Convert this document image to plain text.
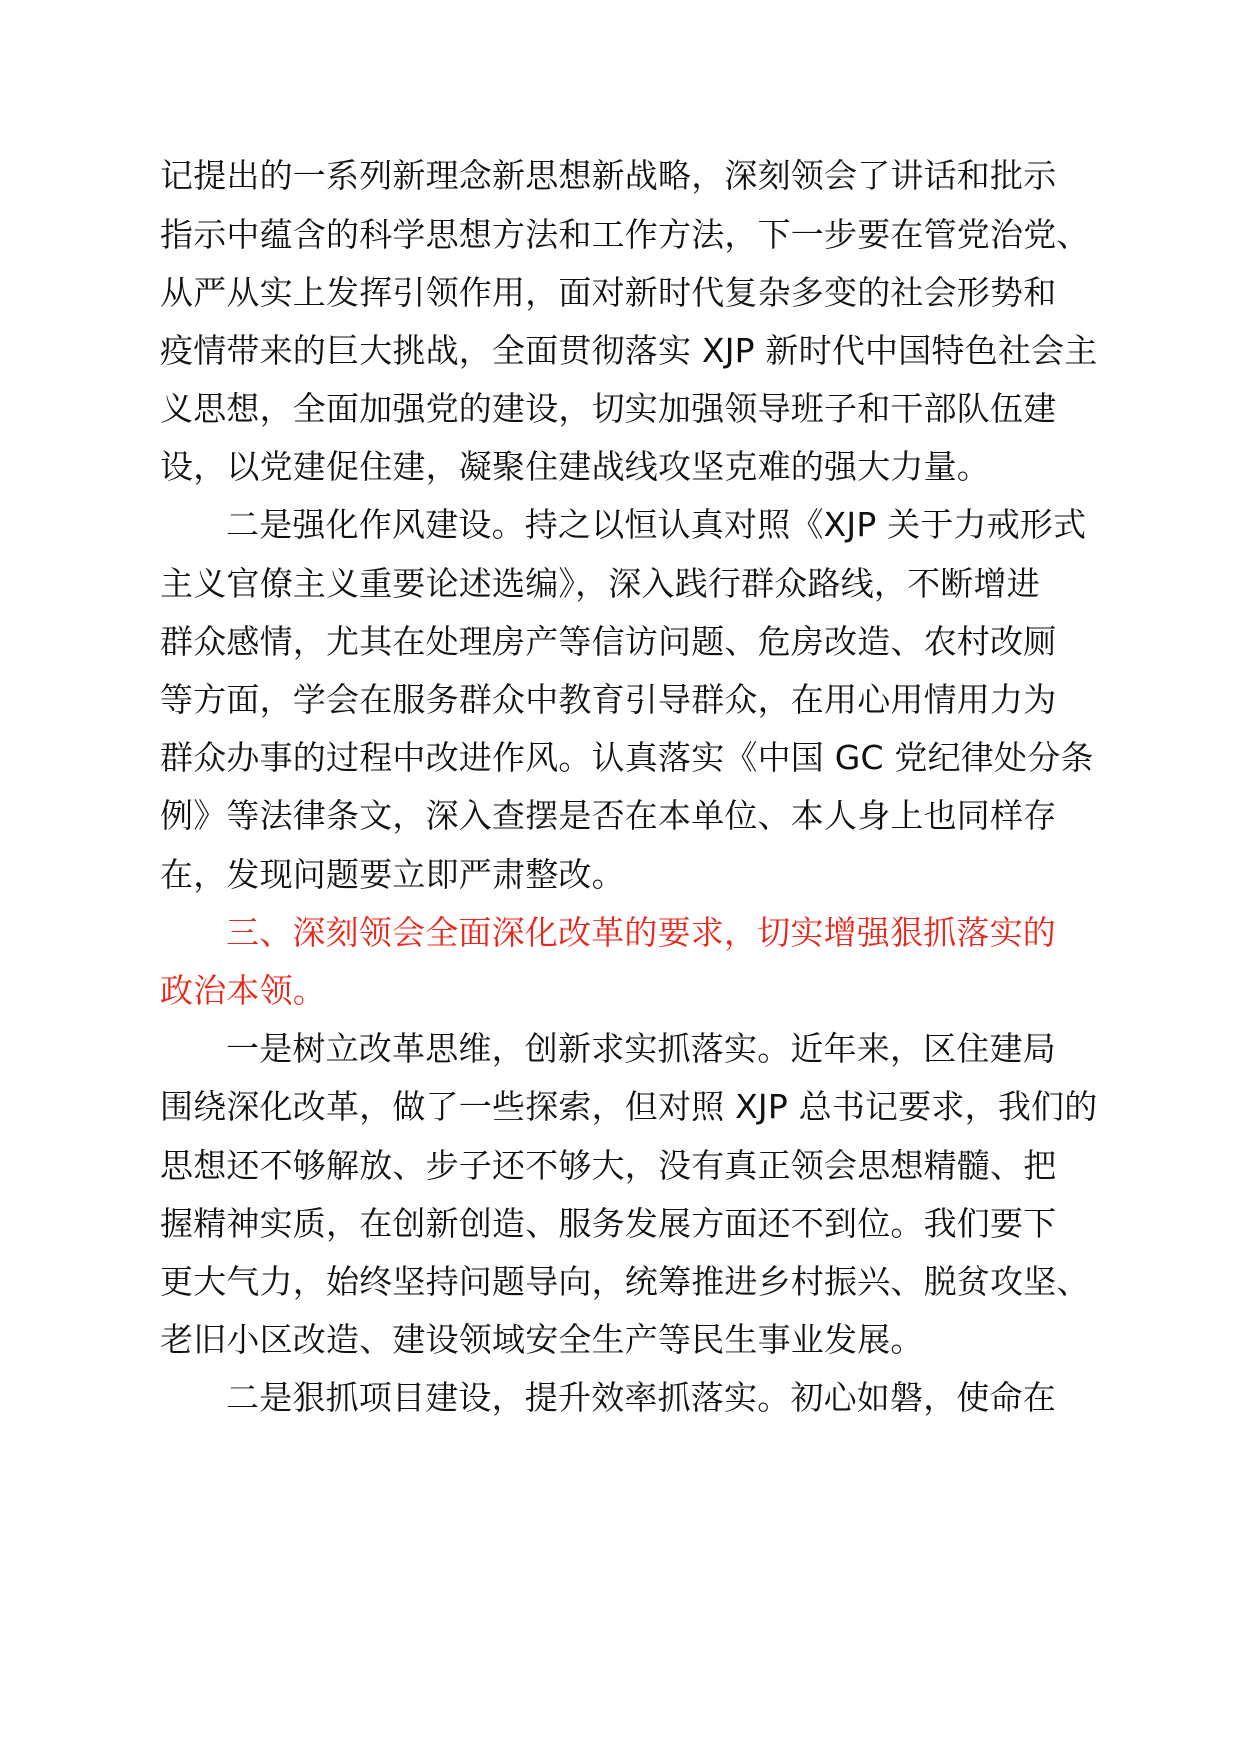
记提出的一系列新理念新思想新战略，深刻领会了讲话和批示
指示中蕴含的科学思想方法和工作方法，下一步要在管党治党、
从严从实上发挥引领作用，面对新时代复杂多变的社会形势和
疫情带来的巨大挑战，全面贯彻落实 XJP 新时代中国特色社会主
义思想，全面加强党的建设，切实加强领导班子和干部队伍建
设，以党建促住建，凝聚住建战线攻坚克难的强大力量。
二是强化作风建设。持之以恒认真对照《XJP 关于力戒形式
主义官僚主义重要论述选编》，深入践行群众路线，不断增进
群众感情，尤其在处理房产等信访问题、危房改造、农村改厕
等方面，学会在服务群众中教育引导群众，在用心用情用力为
群众办事的过程中改进作风。认真落实《中国 GC 党纪律处分条
例》等法律条文，深入查摆是否在本单位、本人身上也同样存
在，发现问题要立即严肃整改。
三、深刻领会全面深化改革的要求，切实增强狠抓落实的
政治本领。
一是树立改革思维，创新求实抓落实。近年来，区住建局
围绕深化改革，做了一些探索，但对照 XJP 总书记要求，我们的
思想还不够解放、步子还不够大，没有真正领会思想精髓、把
握精神实质，在创新创造、服务发展方面还不到位。我们要下
更大气力，始终坚持问题导向，统筹推进乡村振兴、脱贫攻坚、
老旧小区改造、建设领域安全生产等民生事业发展。
二是狠抓项目建设，提升效率抓落实。初心如磐，使命在
